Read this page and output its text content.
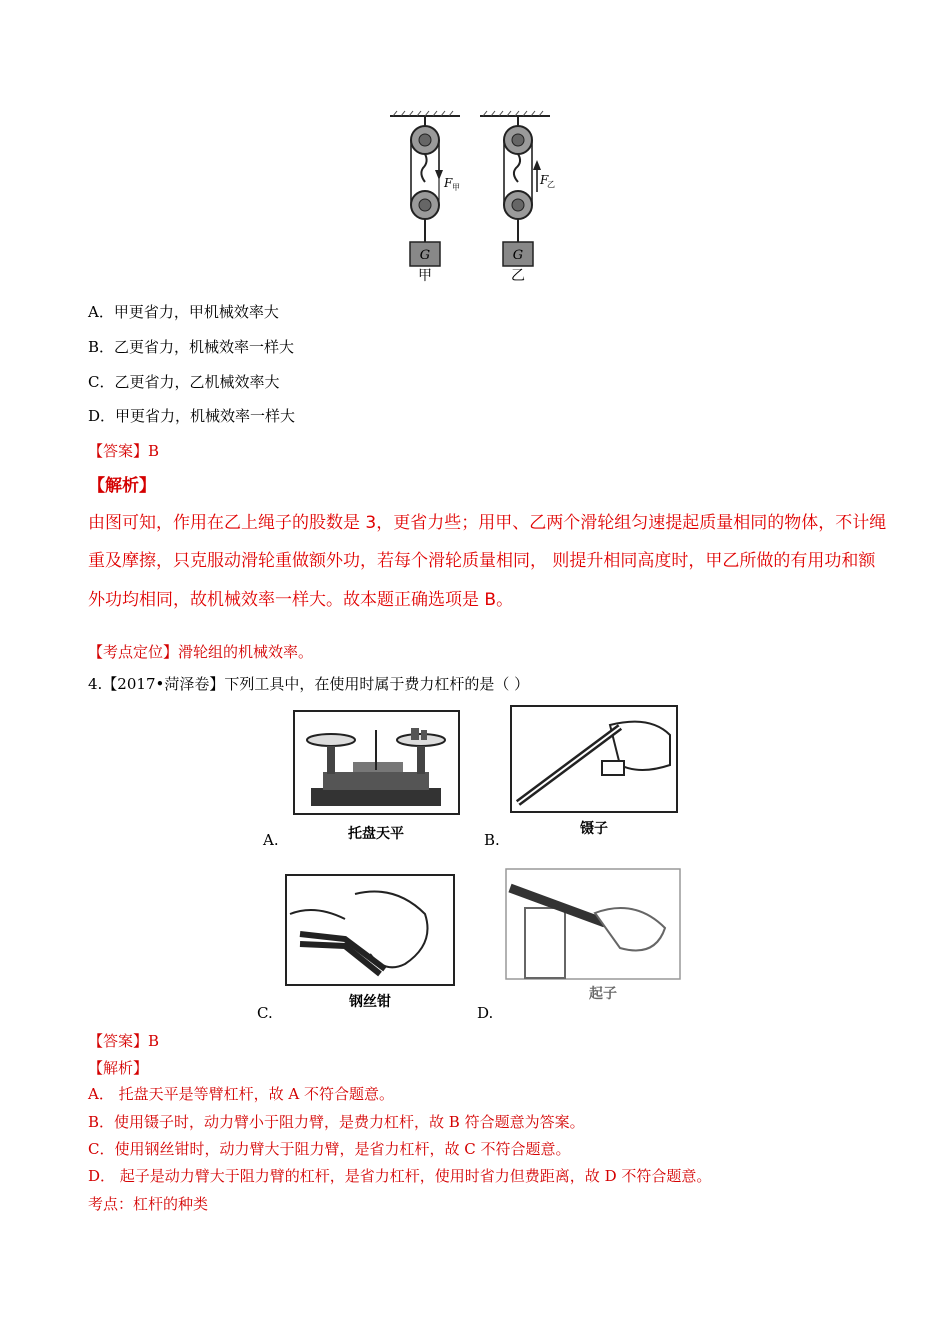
G
F 甲
甲
G
F
乙
乙
A．甲更省力，甲机械效率大
B．乙更省力，机械效率一样大
C．乙更省力，乙机械效率大
D．甲更省力，机械效率一样大
【答案】B
【解析】
由图可知，作用在乙上绳子的股数是 3，更省力些；用甲、乙两个滑轮组匀速提起质量相同的物体，不计绳
重及摩擦，只克服动滑轮重做额外功，若每个滑轮质量相同， 则提升相同高度时，甲乙所做的有用功和额
外功均相同，故机械效率一样大。故本题正确选项是 B。
【考点定位】滑轮组的机械效率。
4.【2017•菏泽卷】下列工具中，在使用时属于费力杠杆的是（ ）
托盘天平
A.
镊子
B.
钢丝钳
C.
起子
D.
【答案】B
【解析】
A． 托盘天平是等臂杠杆，故 A 不符合题意。
B．使用镊子时，动力臂小于阻力臂，是费力杠杆，故 B 符合题意为答案。
C．使用钢丝钳时，动力臂大于阻力臂，是省力杠杆，故 C 不符合题意。
D． 起子是动力臂大于阻力臂的杠杆，是省力杠杆，使用时省力但费距离，故 D 不符合题意。
考点：杠杆的种类
